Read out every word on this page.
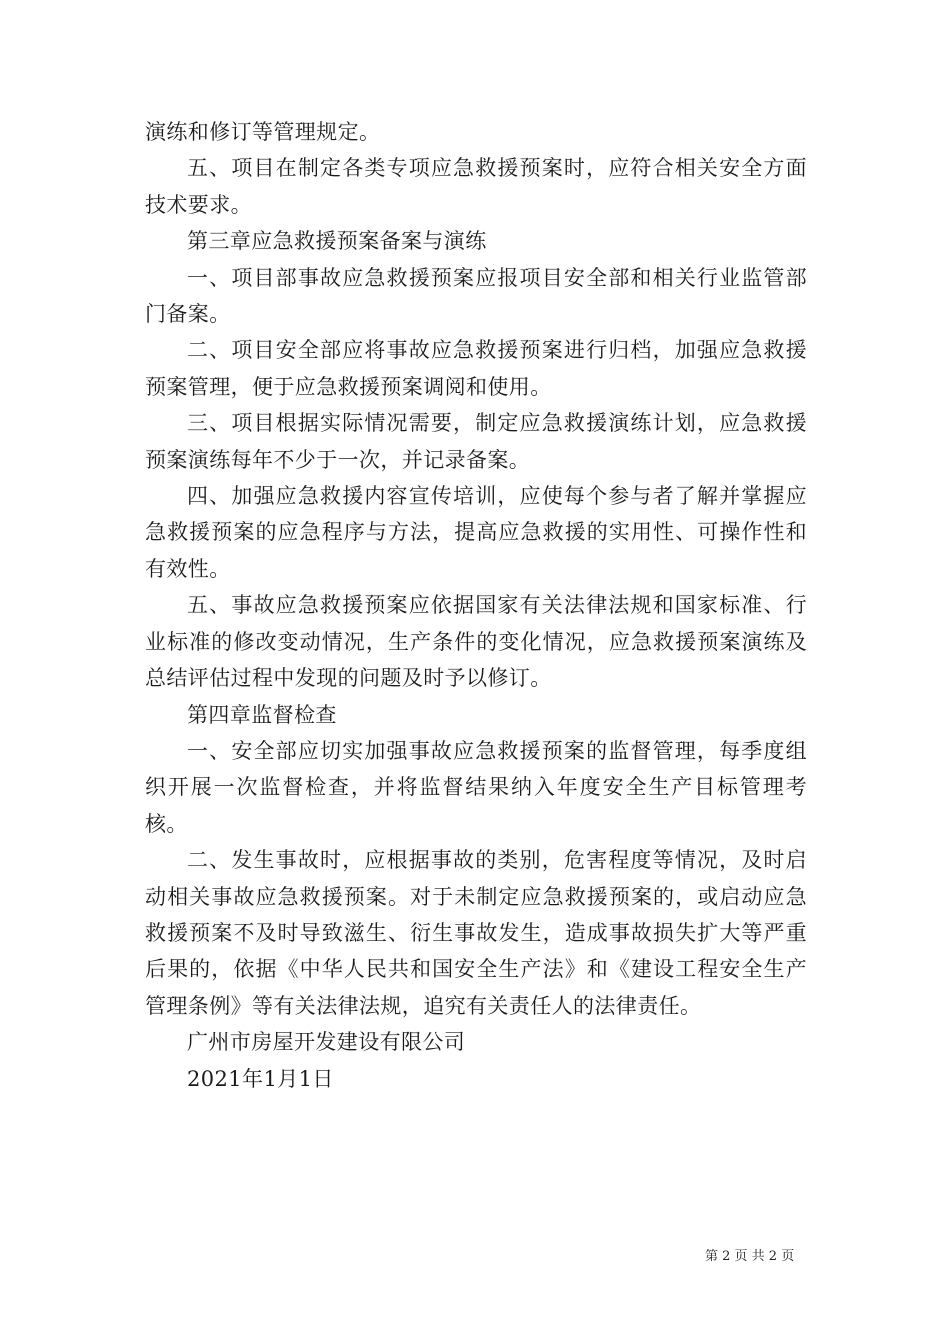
演练和修订等管理规定。

五、项目在制定各类专项应急救援预案时，应符合相关安全方面技术要求。

第三章应急救援预案备案与演练

一、项目部事故应急救援预案应报项目安全部和相关行业监管部门备案。

二、项目安全部应将事故应急救援预案进行归档，加强应急救援预案管理，便于应急救援预案调阅和使用。

三、项目根据实际情况需要，制定应急救援演练计划，应急救援预案演练每年不少于一次，并记录备案。

四、加强应急救援内容宣传培训，应使每个参与者了解并掌握应急救援预案的应急程序与方法，提高应急救援的实用性、可操作性和有效性。

五、事故应急救援预案应依据国家有关法律法规和国家标准、行业标准的修改变动情况，生产条件的变化情况，应急救援预案演练及总结评估过程中发现的问题及时予以修订。

第四章监督检查

一、安全部应切实加强事故应急救援预案的监督管理，每季度组织开展一次监督检查，并将监督结果纳入年度安全生产目标管理考核。

二、发生事故时，应根据事故的类别，危害程度等情况，及时启动相关事故应急救援预案。对于未制定应急救援预案的，或启动应急救援预案不及时导致滋生、衍生事故发生，造成事故损失扩大等严重后果的，依据《中华人民共和国安全生产法》和《建设工程安全生产管理条例》等有关法律法规，追究有关责任人的法律责任。

广州市房屋开发建设有限公司

2021年1月1日

第 2 页 共 2 页
